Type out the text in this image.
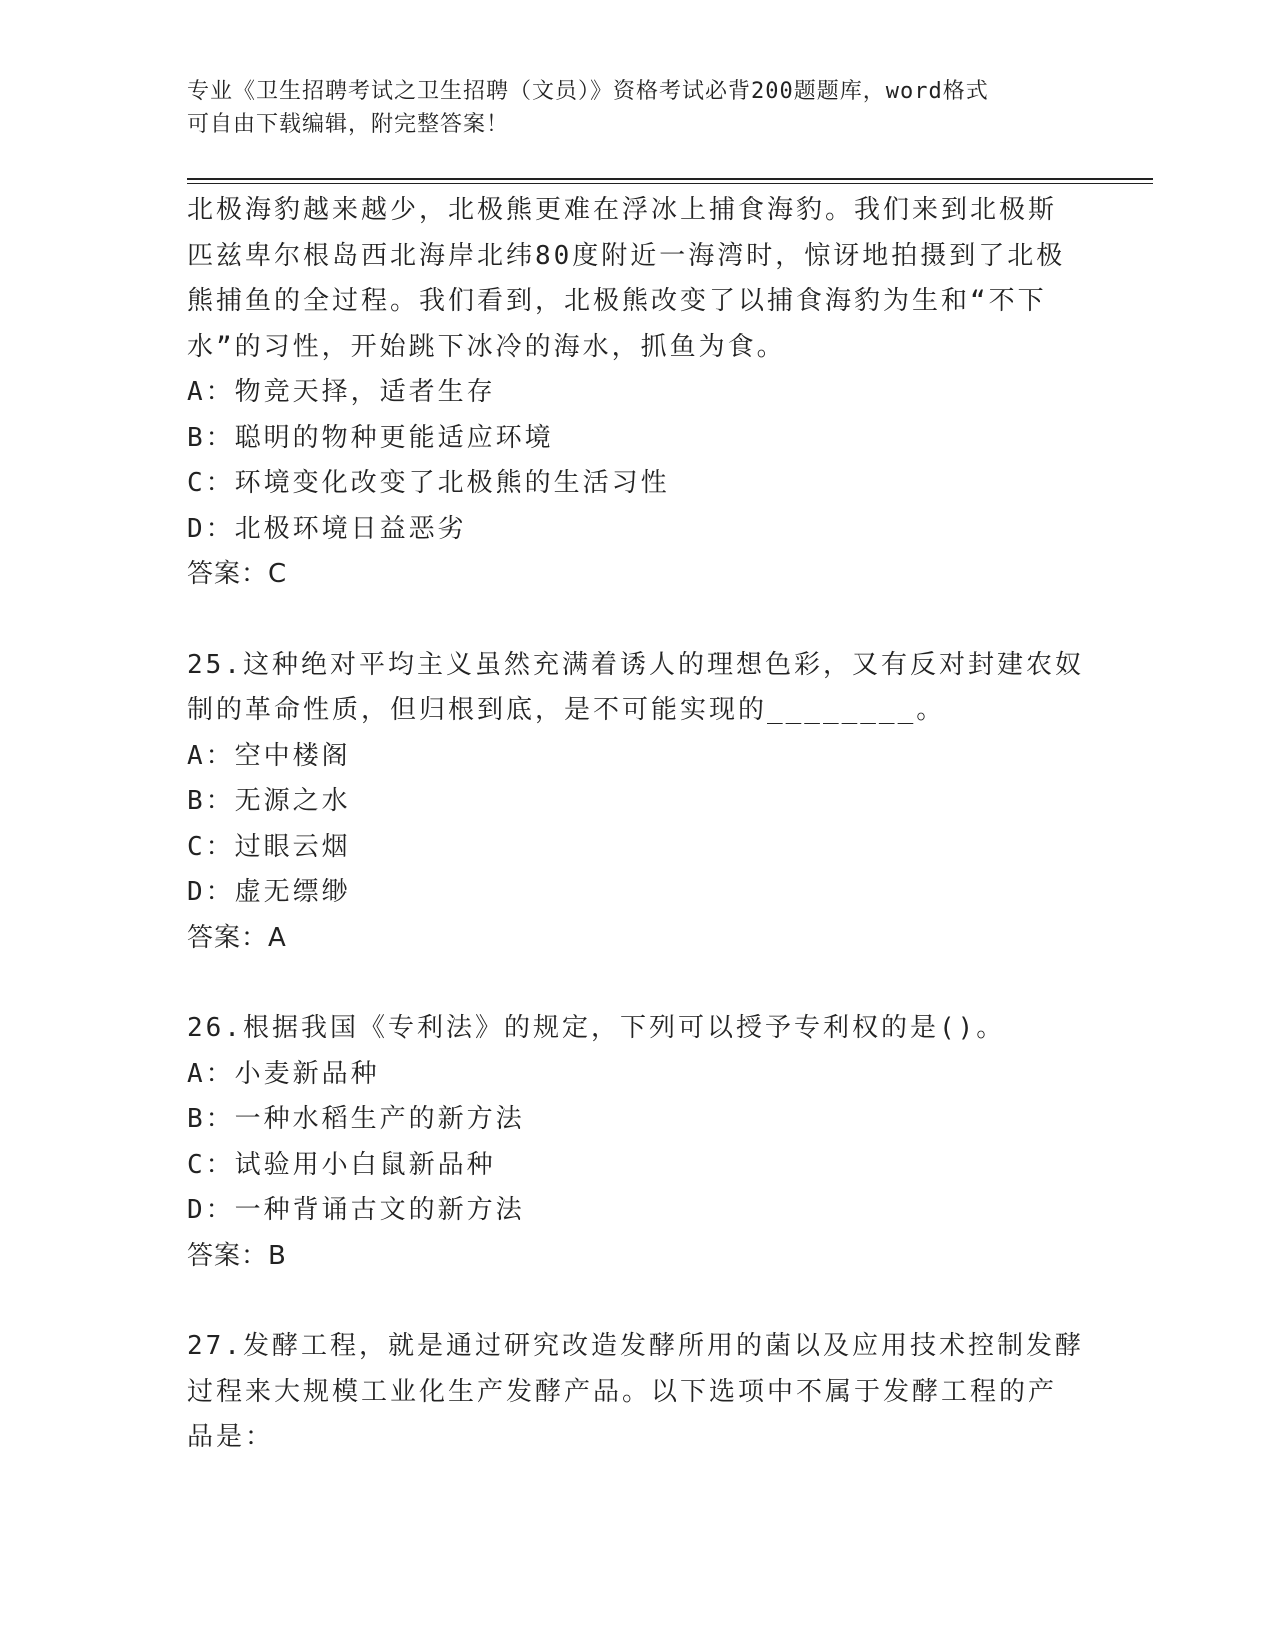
专业《卫生招聘考试之卫生招聘（文员）》资格考试必背200题题库，word格式
可自由下载编辑，附完整答案！
北极海豹越来越少，北极熊更难在浮冰上捕食海豹。我们来到北极斯
匹兹卑尔根岛西北海岸北纬80度附近一海湾时，惊讶地拍摄到了北极
熊捕鱼的全过程。我们看到，北极熊改变了以捕食海豹为生和“不下
水”的习性，开始跳下冰冷的海水，抓鱼为食。
A：物竞天择，适者生存
B：聪明的物种更能适应环境
C：环境变化改变了北极熊的生活习性
D：北极环境日益恶劣
答案：C
25.这种绝对平均主义虽然充满着诱人的理想色彩，又有反对封建农奴
制的革命性质，但归根到底，是不可能实现的________。
A：空中楼阁
B：无源之水
C：过眼云烟
D：虚无缥缈
答案：A
26.根据我国《专利法》的规定，下列可以授予专利权的是()。
A：小麦新品种
B：一种水稻生产的新方法
C：试验用小白鼠新品种
D：一种背诵古文的新方法
答案：B
27.发酵工程，就是通过研究改造发酵所用的菌以及应用技术控制发酵
过程来大规模工业化生产发酵产品。以下选项中不属于发酵工程的产
品是：
